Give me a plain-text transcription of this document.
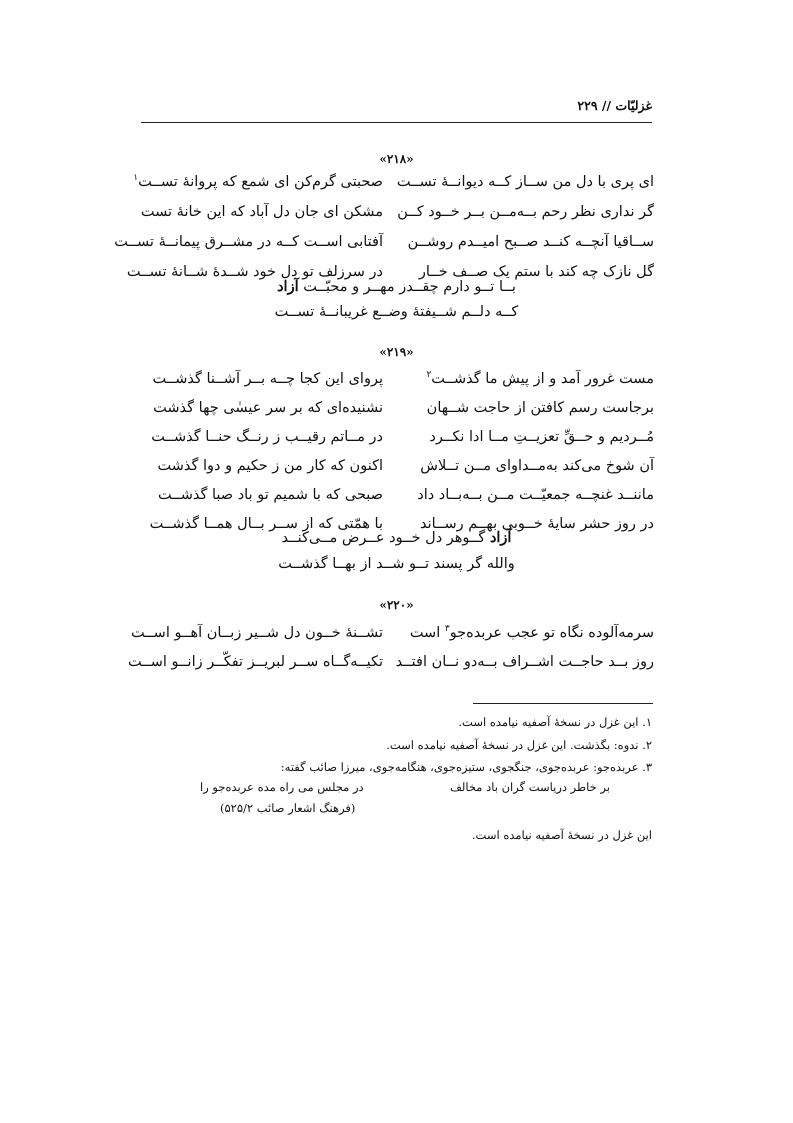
غزلیّات // ۲۲۹
«۲۱۸»
ای پری با دل من ســاز کــه دیوانــهٔ تســت
صحبتی گرم‌کن ای شمع که پروانهٔ تســت$^۱$
گر نداری نظر رحم بــه‌مــن بــر خــود کــن
مشکن ای جان دل آباد که این خانهٔ تست
ســاقیا آنچــه کنــد صــبح امیــدم روشــن
آفتابی اســت کــه در مشــرق پیمانــهٔ تســت
گل نازک چه کند با ستم یک صــف خــار
در سرزلف تو دل خود شــدهٔ شــانهٔ تســت
بــا تــو دارم چقــدر مهــر و محبّــت آزاد
کــه دلــم شــیفتهٔ وضــع غریبانــهٔ تســت
«۲۱۹»
مست غرور آمد و از پیش ما گذشــت$^۲$
پروای این کجا چــه بــر آشــنا گذشــت
برجاست رسم کافتن از حاجت شــهان
نشنیده‌ای که بر سر عیسٰی چها گذشت
مُــردیم و حــقِّ تعزیــتِ مــا ادا نکــرد
در مــاتم رقیــب ز رنــگ حنــا گذشــت
آن شوخ می‌کند به‌مــداوای مــن تــلاش
اکنون که کار من ز حکیم و دوا گذشت
ماننــد غنچــه جمعیّــت مــن بــه‌بــاد داد
صبحی که با شمیم تو باد صبا گذشــت
در روز حشر سایهٔ خــوبی بهــم رســاند
با همّتی که از ســر بــال همــا گذشــت
آزاد گــوهر دل خــود عــرض مــی‌کنــد
والله گر پسند تــو شــد از بهــا گذشــت
«۲۲۰»
سرمه‌آلوده نگاه تو عجب عربده‌جو$^۳$ است
تشــنهٔ خــون دل شــیر زبــان آهــو اســت
روز بــد حاجــت اشــراف بــه‌دو نــان افتــد
تکیــه‌گــاه ســر لبریــز تفکّــر زانــو اســت
۱. این غزل در نسخهٔ آصفیه نیامده است.
۲. ندوه: بگذشت. این غزل در نسخهٔ آصفیه نیامده است.
۳. عربده‌جو: عربده‌جوی، جنگجوی، ستیزه‌جوی، هنگامه‌جوی، میرزا صائب گفته:
بر خاطر دریاست گران باد مخالف
در مجلس می راه مده عربده‌جو را
(فرهنگ اشعار صائب ۵۲۵/۲)
این غزل در نسخهٔ آصفیه نیامده است.
